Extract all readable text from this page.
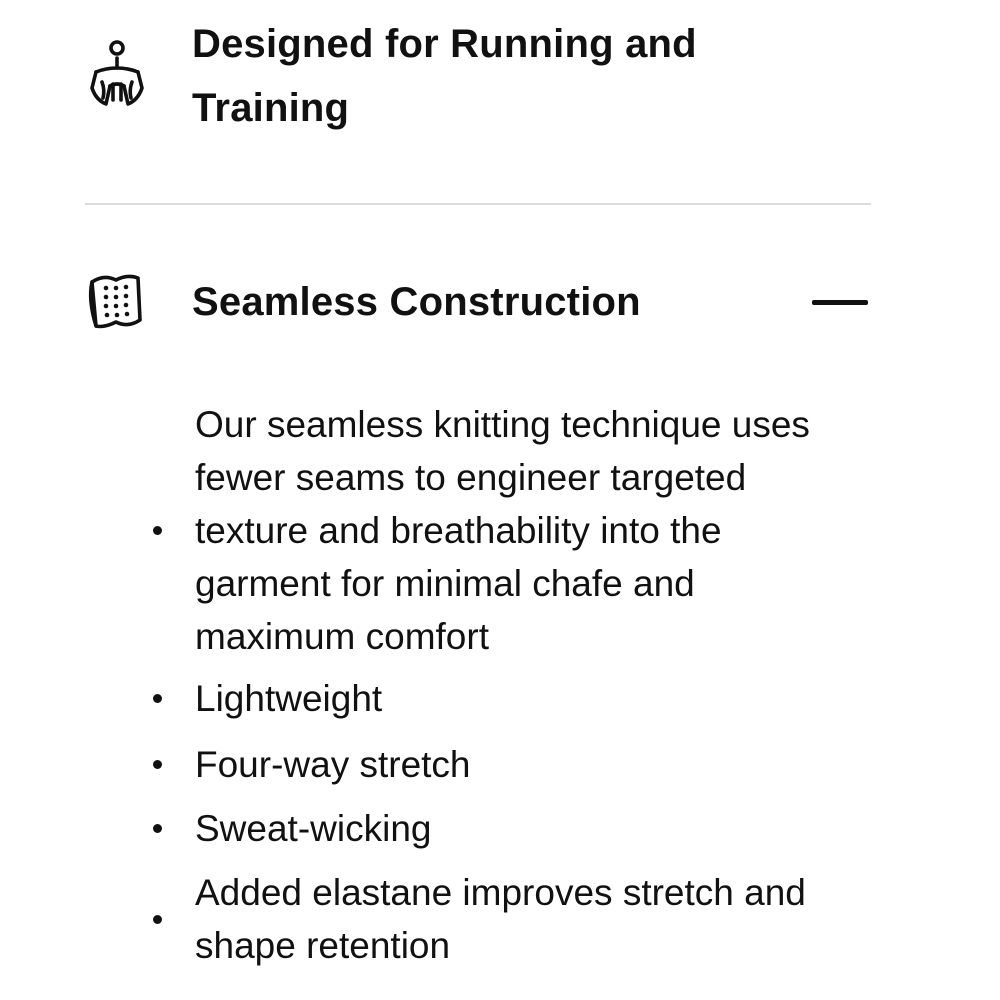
Designed for Running and Training
Seamless Construction
Our seamless knitting technique uses fewer seams to engineer targeted texture and breathability into the garment for minimal chafe and maximum comfort
Lightweight
Four-way stretch
Sweat-wicking
Added elastane improves stretch and shape retention
